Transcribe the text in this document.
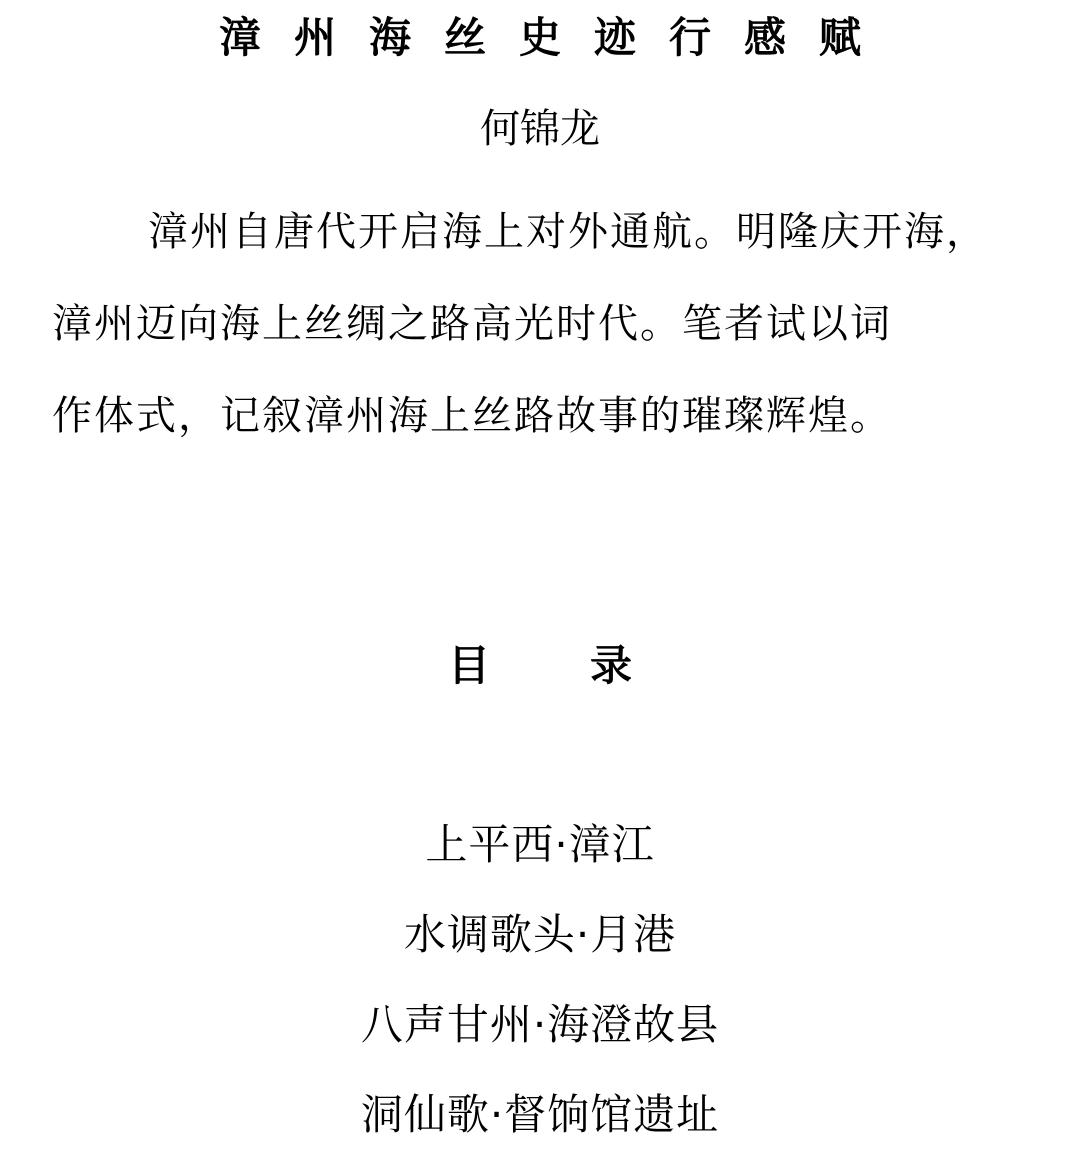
漳州海丝史迹行感赋
何锦龙

漳州自唐代开启海上对外通航。明隆庆开海，
漳州迈向海上丝绸之路高光时代。笔者试以词
作体式，记叙漳州海上丝路故事的璀璨辉煌。

目 录
上平西·漳江
水调歌头·月港
八声甘州·海澄故县
洞仙歌·督饷馆遗址
